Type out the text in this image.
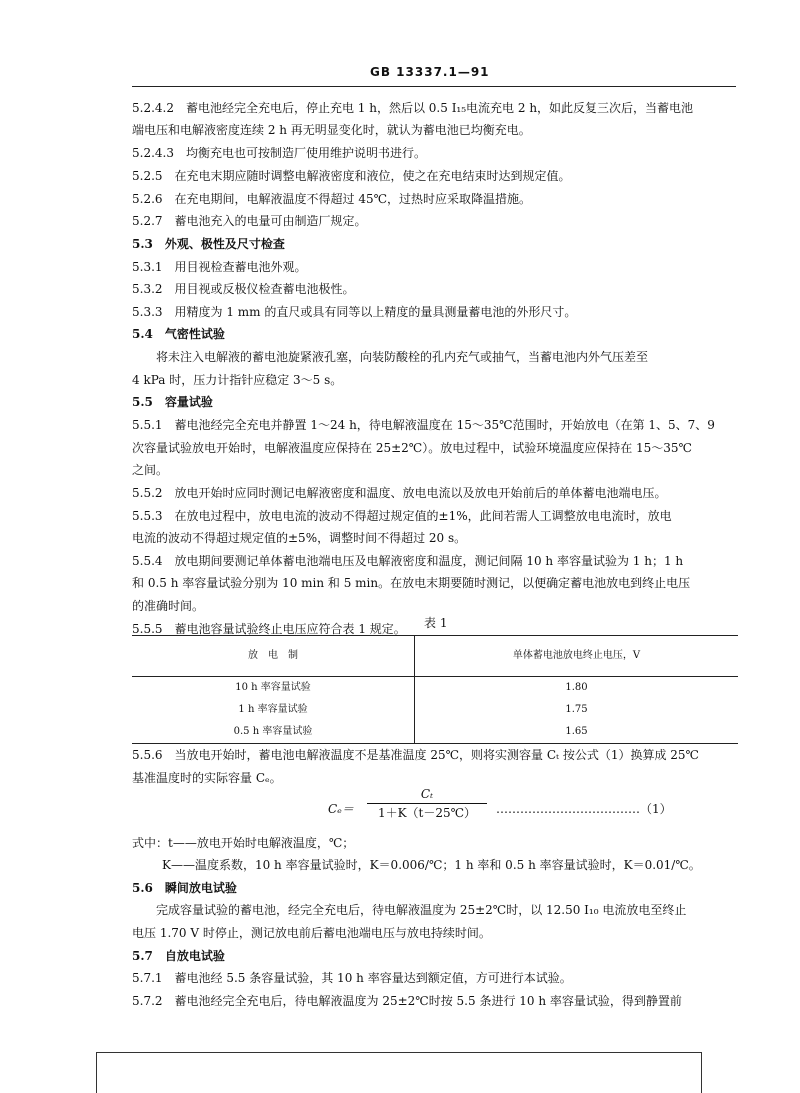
GB 13337.1—91
5.2.4.2　蓄电池经完全充电后，停止充电 1 h，然后以 0.5 I₁₅电流充电 2 h，如此反复三次后，当蓄电池
端电压和电解液密度连续 2 h 再无明显变化时，就认为蓄电池已均衡充电。
5.2.4.3　均衡充电也可按制造厂使用维护说明书进行。
5.2.5　在充电末期应随时调整电解液密度和液位，使之在充电结束时达到规定值。
5.2.6　在充电期间，电解液温度不得超过 45℃，过热时应采取降温措施。
5.2.7　蓄电池充入的电量可由制造厂规定。
5.3　外观、极性及尺寸检查
5.3.1　用目视检查蓄电池外观。
5.3.2　用目视或反极仪检查蓄电池极性。
5.3.3　用精度为 1 mm 的直尺或具有同等以上精度的量具测量蓄电池的外形尺寸。
5.4　气密性试验
将未注入电解液的蓄电池旋紧液孔塞，向装防酸栓的孔内充气或抽气，当蓄电池内外气压差至
4 kPa 时，压力计指针应稳定 3～5 s。
5.5　容量试验
5.5.1　蓄电池经完全充电并静置 1～24 h，待电解液温度在 15～35℃范围时，开始放电（在第 1、5、7、9
次容量试验放电开始时，电解液温度应保持在 25±2℃）。放电过程中，试验环境温度应保持在 15～35℃
之间。
5.5.2　放电开始时应同时测记电解液密度和温度、放电电流以及放电开始前后的单体蓄电池端电压。
5.5.3　在放电过程中，放电电流的波动不得超过规定值的±1%，此间若需人工调整放电电流时，放电
电流的波动不得超过规定值的±5%，调整时间不得超过 20 s。
5.5.4　放电期间要测记单体蓄电池端电压及电解液密度和温度，测记间隔 10 h 率容量试验为 1 h；1 h
和 0.5 h 率容量试验分别为 10 min 和 5 min。在放电末期要随时测记，以便确定蓄电池放电到终止电压
的准确时间。
5.5.5　蓄电池容量试验终止电压应符合表 1 规定。 表 1
放　电　制	单体蓄电池放电终止电压，V
10 h 率容量试验	1.80
1 h 率容量试验	1.75
0.5 h 率容量试验	1.65
5.5.6　当放电开始时，蓄电池电解液温度不是基准温度 25℃，则将实测容量 Cₜ 按公式（1）换算成 25℃
基准温度时的实际容量 Cₑ。
Cₑ＝
Cₜ
1＋K（t－25℃）	………………………………（1）
式中：t——放电开始时电解液温度，℃；
K——温度系数，10 h 率容量试验时，K＝0.006/℃；1 h 率和 0.5 h 率容量试验时，K＝0.01/℃。
5.6　瞬间放电试验
完成容量试验的蓄电池，经完全充电后，待电解液温度为 25±2℃时，以 12.50 I₁₀ 电流放电至终止
电压 1.70 V 时停止，测记放电前后蓄电池端电压与放电持续时间。
5.7　自放电试验
5.7.1　蓄电池经 5.5 条容量试验，其 10 h 率容量达到额定值，方可进行本试验。
5.7.2　蓄电池经完全充电后，待电解液温度为 25±2℃时按 5.5 条进行 10 h 率容量试验，得到静置前
